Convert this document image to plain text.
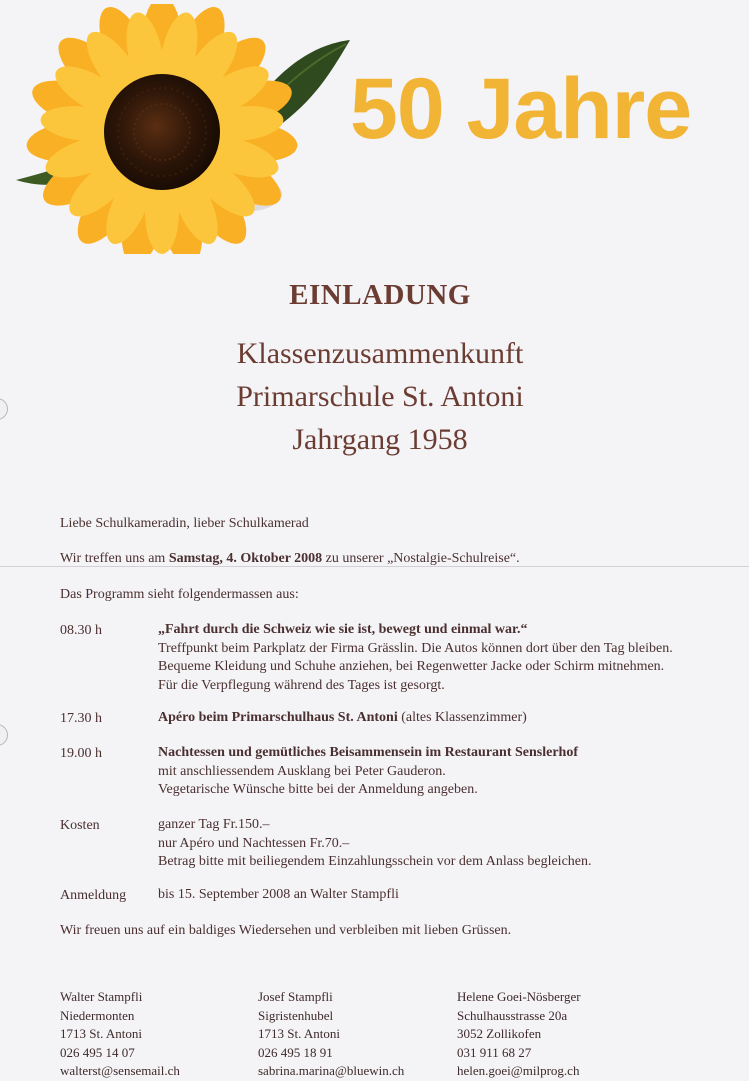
50 Jahre
EINLADUNG
Klassenzusammenkunft
Primarschule St. Antoni
Jahrgang 1958
Liebe Schulkameradin, lieber Schulkamerad
Wir treffen uns am Samstag, 4. Oktober 2008 zu unserer „Nostalgie-Schulreise“.
Das Programm sieht folgendermassen aus:
08.30 h	„Fahrt durch die Schweiz wie sie ist, bewegt und einmal war.“
Treffpunkt beim Parkplatz der Firma Grässlin. Die Autos können dort über den Tag bleiben.
Bequeme Kleidung und Schuhe anziehen, bei Regenwetter Jacke oder Schirm mitnehmen.
Für die Verpflegung während des Tages ist gesorgt.
17.30 h	Apéro beim Primarschulhaus St. Antoni (altes Klassenzimmer)
19.00 h	Nachtessen und gemütliches Beisammensein im Restaurant Senslerhof
mit anschliessendem Ausklang bei Peter Gauderon.
Vegetarische Wünsche bitte bei der Anmeldung angeben.
Kosten	ganzer Tag Fr.150.–
nur Apéro und Nachtessen Fr.70.–
Betrag bitte mit beiliegendem Einzahlungsschein vor dem Anlass begleichen.
Anmeldung bis 15. September 2008 an Walter Stampfli
Wir freuen uns auf ein baldiges Wiedersehen und verbleiben mit lieben Grüssen.
Walter Stampfli
Niedermonten
1713 St. Antoni
026 495 14 07
walterst@sensemail.ch
Josef Stampfli
Sigristenhubel
1713 St. Antoni
026 495 18 91
sabrina.marina@bluewin.ch
Helene Goei-Nösberger
Schulhausstrasse 20a
3052 Zollikofen
031 911 68 27
helen.goei@milprog.ch
